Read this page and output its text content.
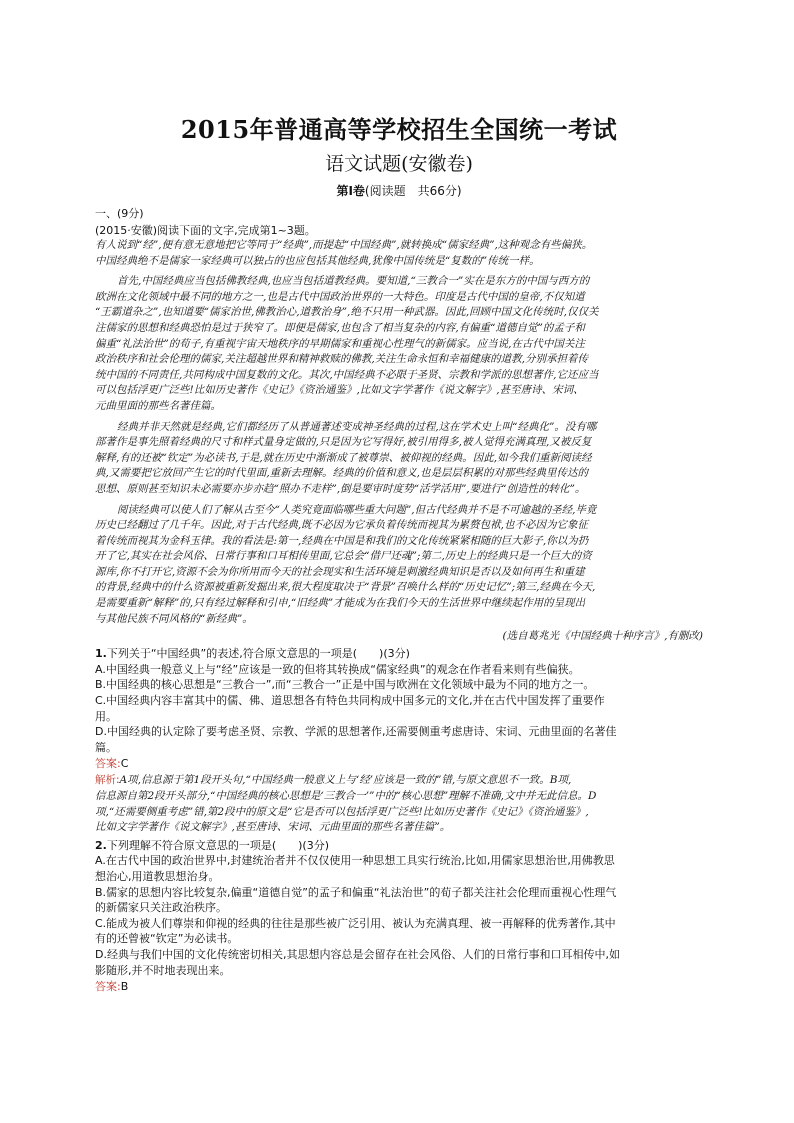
2015年普通高等学校招生全国统一考试
语文试题(安徽卷)
第Ⅰ卷(阅读题　共66分)
一、(9分)
(2015·安徽)阅读下面的文字,完成第1~3题。

有人说到“经”,便有意无意地把它等同于“经典”,而提起“中国经典”,就转换成“儒家经典”,这种观念有些偏狭。

中国经典绝不是儒家一家经典可以独占的也应包括其他经典,犹像中国传统是“复数的”传统一样。

首先,中国经典应当包括佛教经典,也应当包括道教经典。要知道,“三教合一”实在是东方的中国与西方的

欧洲在文化领域中最不同的地方之一,也是古代中国政治世界的一大特色。印度是古代中国的皇帝,不仅知道

“王霸道杂之”,也知道要“儒家治世,佛教治心,道教治身”,绝不只用一种武器。因此,回顾中国文化传统时,仅仅关

注儒家的思想和经典恐怕是过于狭窄了。即便是儒家,也包含了相当复杂的内容,有偏重“道德自觉”的孟子和

偏重“礼法治世”的荀子,有重视宇宙天地秩序的早期儒家和重视心性理气的新儒家。应当说,在古代中国关注

政治秩序和社会伦理的儒家,关注超越世界和精神救赎的佛教,关注生命永恒和幸福健康的道教,分别承担着传

统中国的不同责任,共同构成中国复数的文化。其次,中国经典不必限于圣贤、宗教和学派的思想著作,它还应当

可以包括浮更广泛些!比如历史著作《史记》《资治通鉴》,比如文字学著作《说文解字》,甚至唐诗、宋词、

元曲里面的那些名著佳篇。

经典并非天然就是经典,它们都经历了从普通著述变成神圣经典的过程,这在学术史上叫“经典化”。没有哪

部著作是事先照着经典的尺寸和样式量身定做的,只是因为它写得好,被引用得多,被人觉得充满真理,又被反复

解释,有的还被“钦定”为必读书,于是,就在历史中渐渐成了被尊崇、被仰视的经典。因此,如今我们重新阅读经

典,又需要把它放回产生它的时代里面,重新去理解。经典的价值和意义,也是层层积累的对那些经典里传达的

思想、原则甚至知识未必需要亦步亦趋“照办不走样”,倒是要审时度势“活学活用”,要进行“创造性的转化”。

阅读经典可以使人们了解从古至今“人类究竟面临哪些重大问题”,但古代经典并不是不可逾越的圣经,毕竟

历史已经翻过了几千年。因此,对于古代经典,既不必因为它承负着传统而视其为累赘包袱,也不必因为它象征

着传统而视其为金科玉律。我的看法是:第一,经典在中国是和我们的文化传统紧紧相随的巨大影子,你以为扔

开了它,其实在社会风俗、日常行事和口耳相传里面,它总会“借尸还魂”;第二,历史上的经典只是一个巨大的资

源库,你不打开它,资源不会为你所用而今天的社会现实和生活环境是刺激经典知识是否以及如何再生和重建

的背景,经典中的什么资源被重新发掘出来,很大程度取决于“背景”召唤什么样的“历史记忆”;第三,经典在今天,

是需要重新“解释”的,只有经过解释和引申,“旧经典”才能成为在我们今天的生活世界中继续起作用的呈现出

与其他民族不同风格的“新经典”。

(选自葛兆光《中国经典十种序言》,有删改)

1.下列关于“中国经典”的表述,符合原文意思的一项是(　　)(3分)

A.中国经典一般意义上与“经”应该是一致的但将其转换成“儒家经典”的观念在作者看来则有些偏狭。

B.中国经典的核心思想是“三教合一”,而“三教合一”正是中国与欧洲在文化领域中最为不同的地方之一。

C.中国经典内容丰富其中的儒、佛、道思想各有特色共同构成中国多元的文化,并在古代中国发挥了重要作

用。

D.中国经典的认定除了要考虑圣贤、宗教、学派的思想著作,还需要侧重考虑唐诗、宋词、元曲里面的名著佳

篇。

答案:C

解析:A项,信息源于第1段开头句,“中国经典一般意义上与‘经’应该是一致的”错,与原文意思不一致。B项,

信息源自第2段开头部分,“中国经典的核心思想是‘三教合一’”中的“核心思想”理解不准确,文中并无此信息。D

项,“还需要侧重考虑”错,第2段中的原文是“它是否可以包括浮更广泛些!比如历史著作《史记》《资治通鉴》,

比如文字学著作《说文解字》,甚至唐诗、宋词、元曲里面的那些名著佳篇”。

2.下列理解不符合原文意思的一项是(　　)(3分)

A.在古代中国的政治世界中,封建统治者并不仅仅使用一种思想工具实行统治,比如,用儒家思想治世,用佛教思

想治心,用道教思想治身。

B.儒家的思想内容比较复杂,偏重“道德自觉”的孟子和偏重“礼法治世”的荀子都关注社会伦理而重视心性理气

的新儒家只关注政治秩序。

C.能成为被人们尊崇和仰视的经典的往往是那些被广泛引用、被认为充满真理、被一再解释的优秀著作,其中

有的还曾被“钦定”为必读书。

D.经典与我们中国的文化传统密切相关,其思想内容总是会留存在社会风俗、人们的日常行事和口耳相传中,如

影随形,并不时地表现出来。

答案:B
